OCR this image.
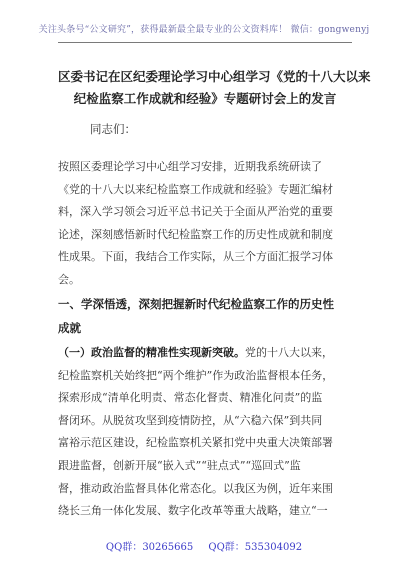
关注头条号“公文研究”，获得最新最全最专业的公文资料库！ 微信：gongwenyj
区委书记在区纪委理论学习中心组学习《党的十八大以来
纪检监察工作成就和经验》专题研讨会上的发言
同志们：
按照区委理论学习中心组学习安排，近期我系统研读了
《党的十八大以来纪检监察工作成就和经验》专题汇编材
料，深入学习领会习近平总书记关于全面从严治党的重要
论述，深刻感悟新时代纪检监察工作的历史性成就和制度
性成果。下面，我结合工作实际，从三个方面汇报学习体
会。
一、学深悟透，深刻把握新时代纪检监察工作的历史性
成就
（一）政治监督的精准性实现新突破。党的十八大以来，
纪检监察机关始终把“两个维护”作为政治监督根本任务，
探索形成“清单化明责、常态化督责、精准化问责”的监
督闭环。从脱贫攻坚到疫情防控，从“六稳六保”到共同
富裕示范区建设，纪检监察机关紧扣党中央重大决策部署
跟进监督，创新开展“嵌入式”“驻点式”“巡回式”监
督，推动政治监督具体化常态化。以我区为例，近年来围
绕长三角一体化发展、数字化改革等重大战略，建立“一
QQ群：30265665 QQ群：535304092
